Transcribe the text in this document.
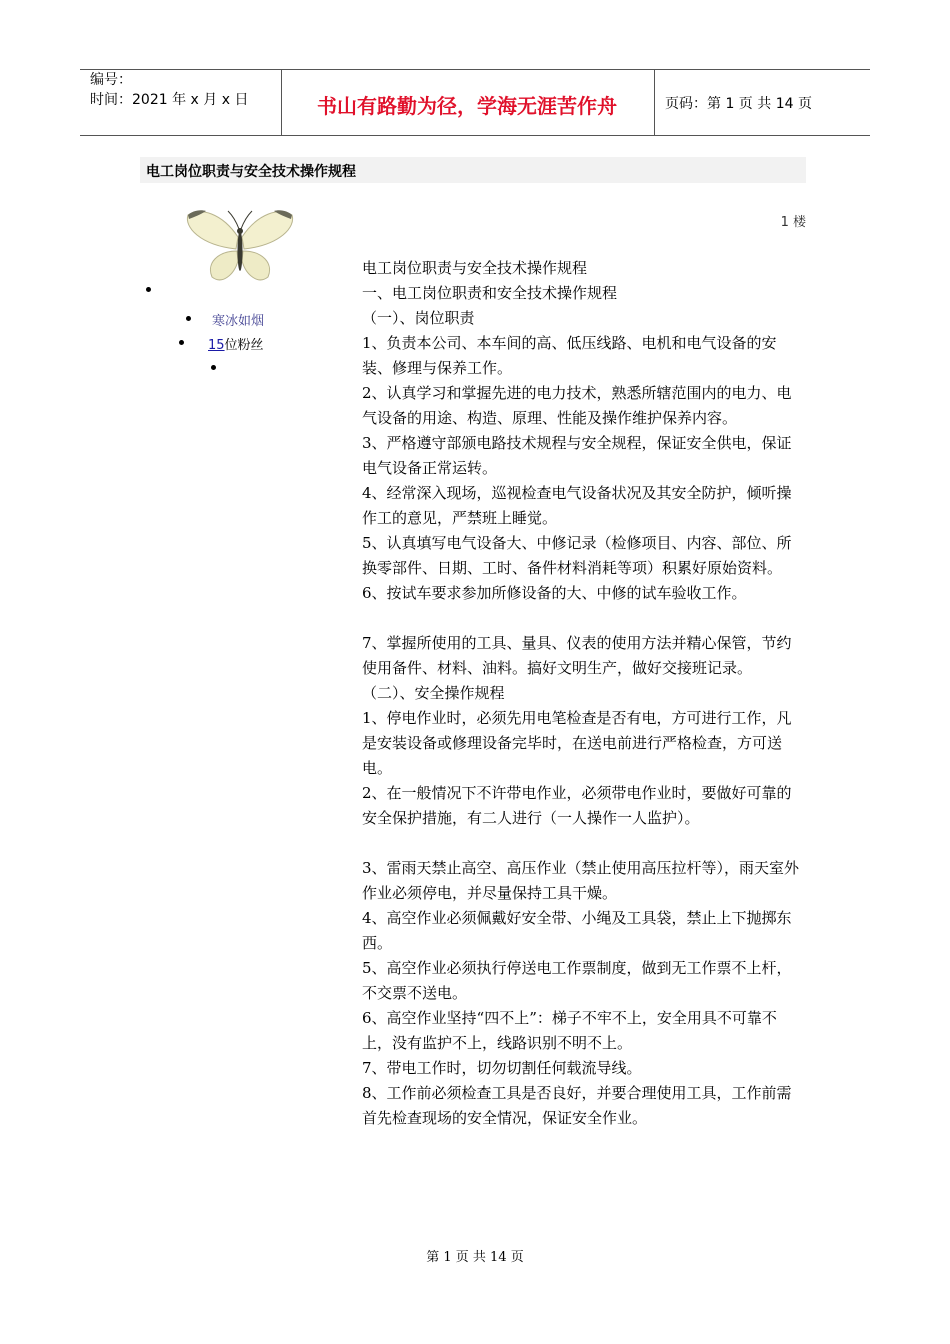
编号：
时间：2021 年 x 月 x 日	书山有路勤为径，学海无涯苦作舟	页码：第 1 页 共 14 页
电工岗位职责与安全技术操作规程
1 楼
寒冰如烟
15位粉丝

电工岗位职责与安全技术操作规程

一、电工岗位职责和安全技术操作规程

（一）、岗位职责

1、负责本公司、本车间的高、低压线路、电机和电气设备的安装、修理与保养工作。

2、认真学习和掌握先进的电力技术，熟悉所辖范围内的电力、电气设备的用途、构造、原理、性能及操作维护保养内容。

3、严格遵守部颁电路技术规程与安全规程，保证安全供电，保证电气设备正常运转。

4、经常深入现场，巡视检查电气设备状况及其安全防护，倾听操作工的意见，严禁班上睡觉。

5、认真填写电气设备大、中修记录（检修项目、内容、部位、所换零部件、日期、工时、备件材料消耗等项）积累好原始资料。

6、按试车要求参加所修设备的大、中修的试车验收工作。

7、掌握所使用的工具、量具、仪表的使用方法并精心保管，节约使用备件、材料、油料。搞好文明生产，做好交接班记录。

（二）、安全操作规程

1、停电作业时，必须先用电笔检查是否有电，方可进行工作，凡是安装设备或修理设备完毕时，在送电前进行严格检查，方可送电。

2、在一般情况下不许带电作业，必须带电作业时，要做好可靠的安全保护措施，有二人进行（一人操作一人监护）。

3、雷雨天禁止高空、高压作业（禁止使用高压拉杆等），雨天室外作业必须停电，并尽量保持工具干燥。

4、高空作业必须佩戴好安全带、小绳及工具袋，禁止上下抛掷东西。

5、高空作业必须执行停送电工作票制度，做到无工作票不上杆，不交票不送电。

6、高空作业坚持“四不上”：梯子不牢不上，安全用具不可靠不上，没有监护不上，线路识别不明不上。

7、带电工作时，切勿切割任何载流导线。

8、工作前必须检查工具是否良好，并要合理使用工具，工作前需首先检查现场的安全情况，保证安全作业。

第 1 页 共 14 页
